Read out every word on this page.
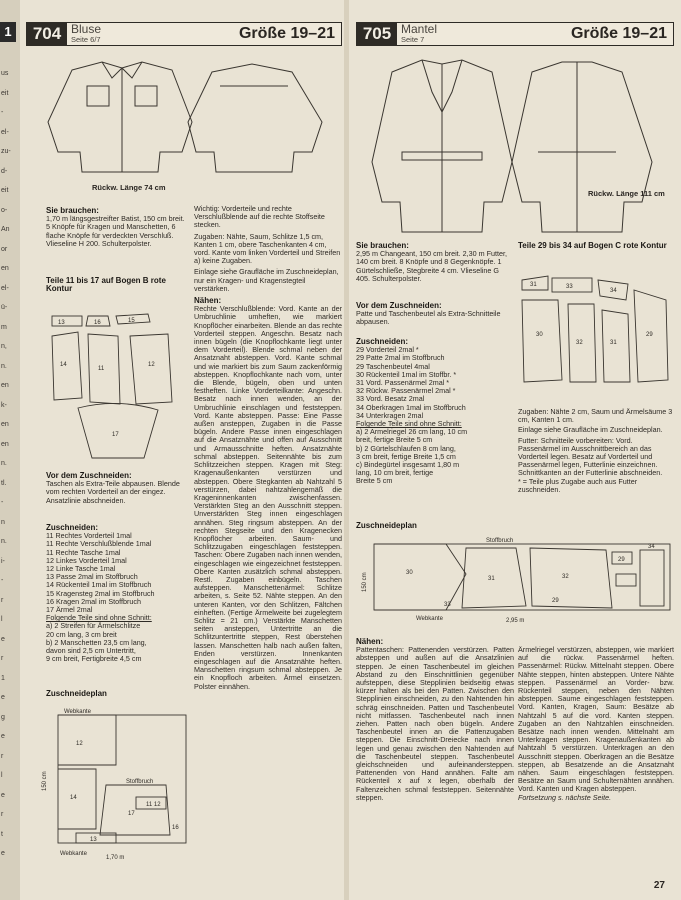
1
us
eit
-
el-
zu-
d-
eit
o-
An
or
en
el-
ü-
m
n,
n.
en
k-
en
en
n.
tl.
-
n
n.
i-
-
r
l
e
r
1
e
g
e
r
l
e
r
t
e
704 Bluse
Seite 6/7	Größe 19–21
Rückw. Länge 74 cm
Sie brauchen:
1,70 m längsgestreifter Batist, 150 cm breit. 5 Knöpfe für Kragen und Manschetten, 6 flache Knöpfe für verdeckten Verschluß. Vlieseline H 200. Schulterpolster.
Teile 11 bis 17 auf Bogen B rote Kontur
13	16	15
14
11
12
17
Vor dem Zuschneiden:
Taschen als Extra-Teile abpausen. Blende vom rechten Vorderteil an der eingez. Ansatzlinie abschneiden.
Zuschneiden:
11 Rechtes Vorderteil 1mal
11 Rechte Verschlußblende 1mal
11 Rechte Tasche 1mal
12 Linkes Vorderteil 1mal
12 Linke Tasche 1mal
13 Passe 2mal im Stoffbruch
14 Rückenteil 1mal im Stoffbruch
15 Kragensteg 2mal im Stoffbruch
16 Kragen 2mal im Stoffbruch
17 Ärmel 2mal
Folgende Teile sind ohne Schnitt:
a) 2 Streifen für Ärmelschlitze
20 cm lang, 3 cm breit
b) 2 Manschetten 23,5 cm lang,
davon sind 2,5 cm Untertritt,
9 cm breit, Fertigbreite 4,5 cm
Zuschneideplan
Webkante
Webkante
Stoffbruch
1,70 m
150 cm
12
14
17
11 12
13
16
Wichtig: Vorderteile und rechte Verschlußblende auf die rechte Stoffseite stecken.
Zugaben: Nähte, Saum, Schlitze 1,5 cm, Kanten 1 cm, obere Taschenkanten 4 cm, vord. Kante vom linken Vorderteil und Streifen a) keine Zugaben.
Einlage siehe Graufläche im Zuschneideplan, nur ein Kragen- und Kragenstegteil verstärken.
Nähen:
Rechte Verschlußblende: Vord. Kante an der Umbruchlinie umheften, wie markiert Knopflöcher einarbeiten. Blende an das rechte Vorderteil steppen. Angeschn. Besatz nach innen bügeln (die Knopflochkante liegt unter dem Vorderteil). Blende schmal neben der Ansatznaht absteppen. Vord. Kante schmal und wie markiert bis zum Saum zackenförmig absteppen. Knopflochkante nach vorn, unter die Blende, bügeln, oben und unten festheften. Linke Vorderteilkante: Angeschn. Besatz nach innen wenden, an der Umbruchlinie einschlagen und feststeppen. Vord. Kante absteppen. Passe: Eine Passe außen ansteppen, Zugaben in die Passe bügeln. Andere Passe innen eingeschlagen auf die Ansatznähte und offen auf Ausschnitt und Armausschnitte heften. Ansatznähte schmal absteppen. Seitennähte bis zum Schlitzzeichen steppen. Kragen mit Steg: Kragenaußenkanten verstürzen und absteppen. Obere Stegkanten ab Nahtzahl 5 verstürzen, dabei nahtzahlengemäß die Krageninnenkanten zwischenfassen. Verstärkten Steg an den Ausschnitt steppen. Unverstärkten Steg innen eingeschlagen annähen. Steg ringsum absteppen. An der rechten Stegseite und den Kragenecken Knopflöcher arbeiten. Saum- und Schlitzzugaben eingeschlagen feststeppen. Taschen: Obere Zugaben nach innen wenden, eingeschlagen wie eingezeichnet feststeppen. Obere Kanten zusätzlich schmal absteppen. Restl. Zugaben einbügeln. Taschen aufsteppen. Manschettenärmel: Schlitze arbeiten, s. Seite 52. Nähte steppen. An den unteren Kanten, vor den Schlitzen, Fältchen einheften. (Fertige Ärmelweite bei zugelegtem Schlitz = 21 cm.) Verstärkte Manschetten seiten ansteppen, Untertritte an die Schlitzuntertritte steppen, Rest überstehen lassen. Manschetten halb nach außen falten, Enden verstürzen. Innenkanten eingeschlagen auf die Ansatznähte heften. Manschetten ringsum schmal absteppen. Je ein Knopfloch arbeiten. Ärmel einsetzen. Polster einnähen.
705 Mantel
Seite 7	Größe 19–21
Rückw. Länge 111 cm
Sie brauchen:
2,95 m Changeant, 150 cm breit. 2,30 m Futter, 140 cm breit. 8 Knöpfe und 8 Gegenknöpfe. 1 Gürtelschließe, Stegbreite 4 cm. Vlieseline G 405. Schulterpolster.
Vor dem Zuschneiden:
Patte und Taschenbeutel als Extra-Schnitteile abpausen.
Zuschneiden:
29 Vorderteil 2mal *
29 Patte 2mal im Stoffbruch
29 Taschenbeutel 4mal
30 Rückenteil 1mal im Stoffbr. *
31 Vord. Passenärmel 2mal *
32 Rückw. Passenärmel 2mal *
33 Vord. Besatz 2mal
34 Oberkragen 1mal im Stoffbruch
34 Unterkragen 2mal
Folgende Teile sind ohne Schnitt:
a) 2 Armelriegel 26 cm lang, 10 cm
breit, fertige Breite 5 cm
b) 2 Gürtelschlaufen 8 cm lang,
3 cm breit, fertige Breite 1,5 cm
c) Bindegürtel insgesamt 1,80 m
lang, 10 cm breit, fertige
Breite 5 cm
Teile 29 bis 34 auf Bogen C rote Kontur
31	33
34
30
32	31
29
Zugaben: Nähte 2 cm, Saum und Ärmelsäume 3 cm, Kanten 1 cm.
Einlage siehe Graufläche im Zuschneideplan.
Futter: Schnitteile vorbereiten: Vord. Passenärmel im Ausschnittbereich an das Vorderteil legen. Besatz auf Vorderteil und Passenärmel legen, Futterlinie einzeichnen. Schnittkanten an der Futterlinie abschneiden.
* = Teile plus Zugabe auch aus Futter zuschneiden.
Zuschneideplan
Stoffbruch
Webkante	2,95 m
150 cm	30
31	32
29
33
34
29
Nähen:
Pattentaschen: Pattenenden verstürzen. Patten absteppen und außen auf die Ansatzlinien steppen. Je einen Taschenbeutel im gleichen Abstand zu den Einschnittlinien gegenüber aufsteppen, diese Stepplinien beidseitig etwas kürzer halten als bei den Patten. Zwischen den Stepplinien einschneiden, zu den Nahtenden hin schräg einschneiden. Patten und Taschenbeutel nicht mitfassen. Taschenbeutel nach innen ziehen. Patten nach oben bügeln. Andere Taschenbeutel innen an die Pattenzugaben steppen. Die Einschnitt-Dreiecke nach innen legen und genau zwischen den Nahtenden auf die Taschenbeutel steppen. Taschenbeutel gleichschneiden und aufeinandersteppen. Pattenenden von Hand annähen. Falte am Rückenteil x auf x legen, oberhalb der Faltenzeichen schmal feststeppen. Seitennähte steppen.
Ärmelriegel verstürzen, absteppen, wie markiert auf die rückw. Passenärmel heften. Passenärmel: Rückw. Mittelnaht steppen. Obere Nähte steppen, hinten absteppen. Untere Nähte steppen. Passenärmel an Vorder- bzw. Rückenteil steppen, neben den Nähten absteppen. Saume eingeschlagen feststeppen. Vord. Kanten, Kragen, Saum: Besätze ab Nahtzahl 5 auf die vord. Kanten steppen. Zugaben an den Nahtzahlen einschneiden. Besätze nach innen wenden. Mittelnaht am Unterkragen steppen. Kragenaußenkanten ab Nahtzahl 5 verstürzen. Unterkragen an den Ausschnitt steppen. Oberkragen an die Besätze steppen, ab Besatzende an die Ansatznaht nähen. Saum eingeschlagen feststeppen. Besätze an Saum und Schulternähten annähen. Vord. Kanten und Kragen absteppen.
Fortsetzung s. nächste Seite.
27
